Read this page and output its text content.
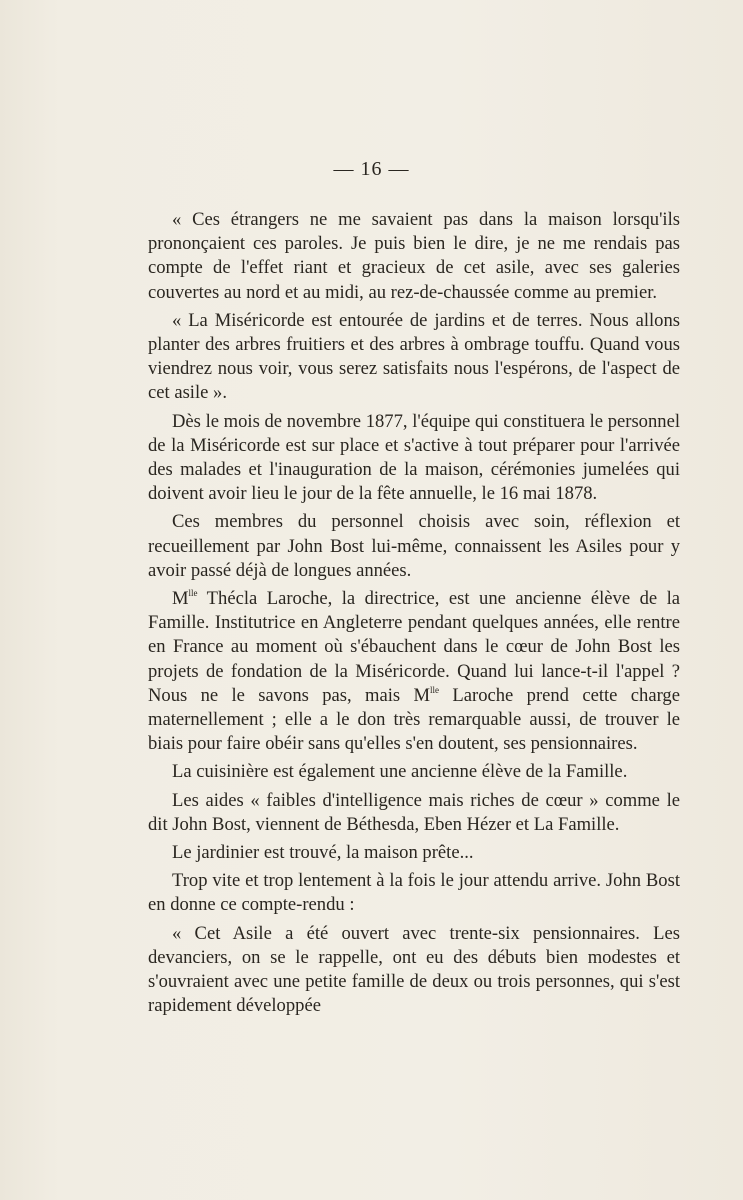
— 16 —

« Ces étrangers ne me savaient pas dans la maison lorsqu'ils prononçaient ces paroles. Je puis bien le dire, je ne me rendais pas compte de l'effet riant et gracieux de cet asile, avec ses galeries couvertes au nord et au midi, au rez-de-chaussée comme au premier.

« La Miséricorde est entourée de jardins et de terres. Nous allons planter des arbres fruitiers et des arbres à ombrage touffu. Quand vous viendrez nous voir, vous serez satisfaits nous l'espérons, de l'aspect de cet asile ».

Dès le mois de novembre 1877, l'équipe qui constituera le personnel de la Miséricorde est sur place et s'active à tout préparer pour l'arrivée des malades et l'inauguration de la maison, cérémonies jumelées qui doivent avoir lieu le jour de la fête annuelle, le 16 mai 1878.

Ces membres du personnel choisis avec soin, réflexion et recueillement par John Bost lui-même, connaissent les Asiles pour y avoir passé déjà de longues années.

$M^{lle}$ Thécla Laroche, la directrice, est une ancienne élève de la Famille. Institutrice en Angleterre pendant quelques années, elle rentre en France au moment où s'ébauchent dans le cœur de John Bost les projets de fondation de la Miséricorde. Quand lui lance-t-il l'appel ? Nous ne le savons pas, mais $M^{lle}$ Laroche prend cette charge maternellement ; elle a le don très remarquable aussi, de trouver le biais pour faire obéir sans qu'elles s'en doutent, ses pensionnaires.

La cuisinière est également une ancienne élève de la Famille.

Les aides « faibles d'intelligence mais riches de cœur » comme le dit John Bost, viennent de Béthesda, Eben Hézer et La Famille.

Le jardinier est trouvé, la maison prête...

Trop vite et trop lentement à la fois le jour attendu arrive. John Bost en donne ce compte-rendu :

« Cet Asile a été ouvert avec trente-six pensionnaires. Les devanciers, on se le rappelle, ont eu des débuts bien modestes et s'ouvraient avec une petite famille de deux ou trois personnes, qui s'est rapidement développée
